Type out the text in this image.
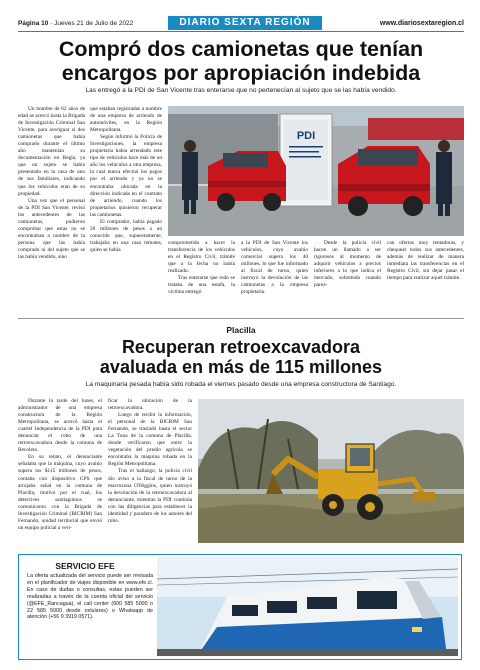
Página 10 · Jueves 21 de Julio de 2022	DIARIO SEXTA REGIÓN	www.diariosextaregion.cl
Compró dos camionetas que tenían
encargos por apropiación indebida
Las entregó a la PDI de San Vicente tras enterarse que no pertenecían al sujeto que se las había vendido.

Un hombre de 62 años de edad se acercó hasta la Brigada de Investigación Criminal San Vicente, para averiguar si dos camionetas que había comprado durante el último año mantenían su documentación en Regla, ya que un sujeto se había presentado en la casa de uno de sus familiares, indicando que los vehículos eran de su propiedad.

Una vez que el personal de la PDI San Vicente, revisó los antecedentes de las camionetas, pudieron comprobar que estas no se encontraban a nombre de la persona que las había comprado ni del sujeto que se las había vendido, sino

que estaban registradas a nombre de una empresa de arriendo de automóviles, en la Región Metropolitana.

Según informó la Policía de Investigaciones, la empresa propietaria había arrendado este tipo de vehículos hace más de un año los vehículos a otra empresa, la cual nunca efectuó los pagos por el arriendo y ya no se encontraba ubicada en la dirección indicada en el contrato de arriendo, cuando los propietarios quisieron recuperar las camionetas.

El comprador, había pagado 28 millones de pesos a un conocido que, supuestamente, trabajaba en una casa remates, quien se había

PDI

comprometido a hacer la transferencia de los vehículos en el Registro Civil, trámite que a la fecha no había realizado.

Tras enterarse que todo se trataba de una estafa, la víctima entregó

a la PDI de San Vicente los vehículos, cuyo avalúo comercial supera los 40 millones, lo que fue informado al fiscal de turno, quien instruyó la devolución de las camionetas a la empresa propietaria.

Desde la policía civil hacen un llamado a ser rigurosos al momento de adquirir vehículos a precios inferiores a lo que indica el mercado, sobretodo cuando parez-

can ofertas muy tentadoras, y chequear todos sus antecedentes, además de realizar de manera inmediata las transferencias en el Registro Civil, sin dejar pasar el tiempo para realizar aquel trámite.

Placilla
Recuperan retroexcavadora
avaluada en más de 115 millones
La maquinaria pesada había sido robada el viernes pasado desde una empresa constructora de Santiago.

Durante la tarde del lunes, el administrador de una empresa constructora de la Región Metropolitana, se acercó hasta el cuartel Independencia de la PDI para denunciar el robo de una retroexcavadora desde la comuna de Recoleta.

En su relato, el denunciante señalaba que la máquina, cuyo avalúo supera los $115 millones de pesos, contaba con dispositivo GPS que arrojaba señal en la comuna de Placilla, motivo por el cual, los detectives santiaguinos se comunicaron con la Brigada de Investigación Criminal (BICRIM) San Fernando, unidad territorial que envió un equipo policial a veri-

ficar la ubicación de la retroexcavadora.

Luego de recibir la información, el personal de la BICRIM San Fernando, se trasladó hasta el sector La Tuna de la comuna de Placilla, donde verificaron que entre la vegetación del predio agrícola se encontraba la máquina robada en la Región Metropolitana.

Tras el hallazgo, la policía civil dio aviso a la fiscal de turno de la macrozona O'Higgins, quien instruyó la devolución de la retroexcavadora al denunciante, mientras la PDI continúa con las diligencias para establecer la identidad y paradero de los autores del robo.

SERVICIO EFE
La oferta actualizada del servicio puede ser revisada en el planificador de viajes disponible en www.efe.cl. En caso de dudas o consultas, estas pueden ser realizadas a través de la cuenta oficial del servicio (@EFE_Rancagua), el call center (600 585 5000 o 22 585 5000 desde celulares) o Whatsapp de atención (+56 9 3919 0571).
